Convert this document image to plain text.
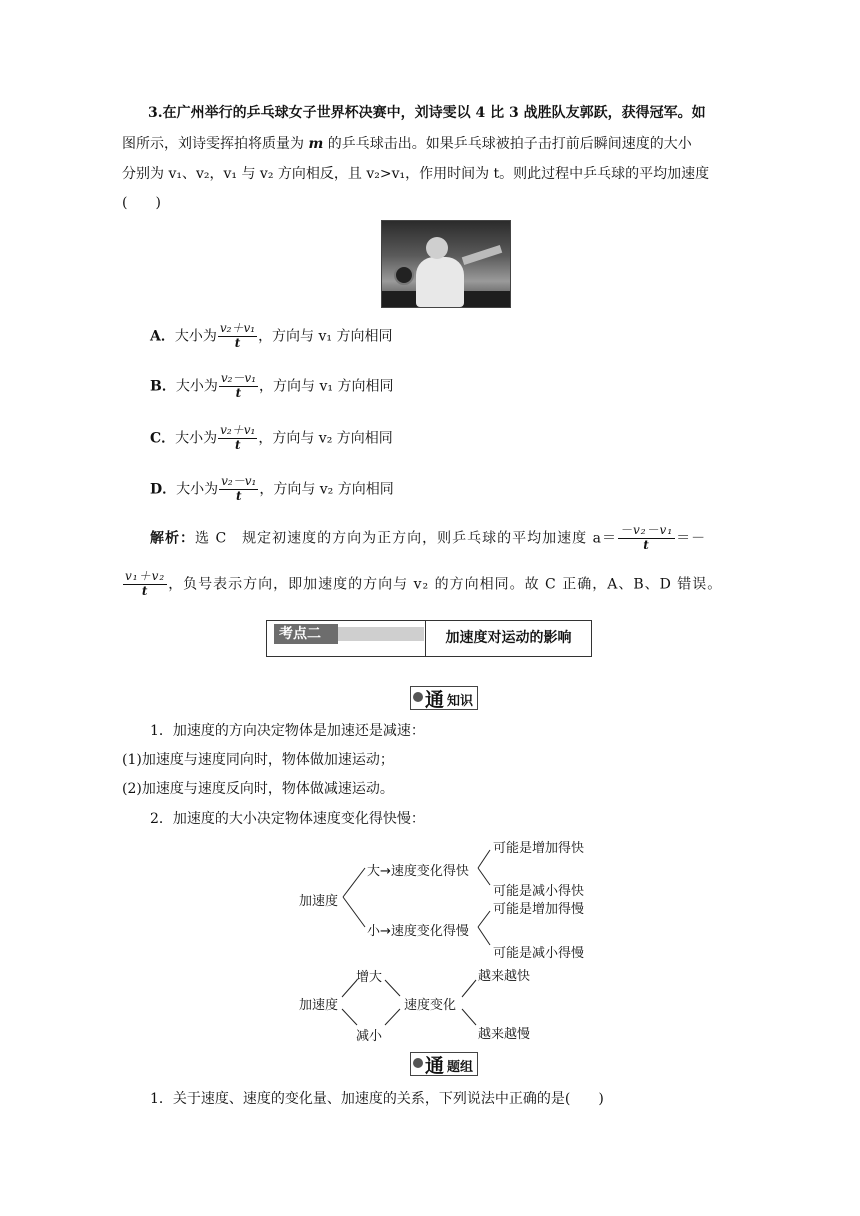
3.在广州举行的乒乓球女子世界杯决赛中，刘诗雯以 4 比 3 战胜队友郭跃，获得冠军。如
图所示，刘诗雯挥拍将质量为 m 的乒乓球击出。如果乒乓球被拍子击打前后瞬间速度的大小
分别为 v₁、v₂，v₁ 与 v₂ 方向相反，且 v₂>v₁，作用时间为 t。则此过程中乒乓球的平均加速度
(　　)
A．大小为 $\frac{\text{v₂＋v₁}}{t}$ ，方向与 v₁ 方向相同
B．大小为 $\frac{\text{v₂－v₁}}{t}$ ，方向与 v₁ 方向相同
C．大小为 $\frac{\text{v₂＋v₁}}{t}$ ，方向与 v₂ 方向相同
D．大小为 $\frac{\text{v₂－v₁}}{t}$ ，方向与 v₂ 方向相同
解析：选 C　规定初速度的方向为正方向，则乒乓球的平均加速度 $a= \frac{\text{－v₂－v₁}}{t}$ ＝－
$\frac{\text{v₁＋v₂}}{t}$ ，负号表示方向，即加速度的方向与 v₂ 的方向相同。故 C 正确，A、B、D 错误。
考点二	加速度对运动的影响
通 知识
1．加速度的方向决定物体是加速还是减速：
(1)加速度与速度同向时，物体做加速运动；
(2)加速度与速度反向时，物体做减速运动。
2．加速度的大小决定物体速度变化得快慢：
加速度
大→速度变化得快
小→速度变化得慢
可能是增加得快
可能是减小得快
可能是增加得慢
可能是减小得慢
加速度
增大
减小
速度变化
越来越快
越来越慢
通 题组
1．关于速度、速度的变化量、加速度的关系，下列说法中正确的是(　　)
